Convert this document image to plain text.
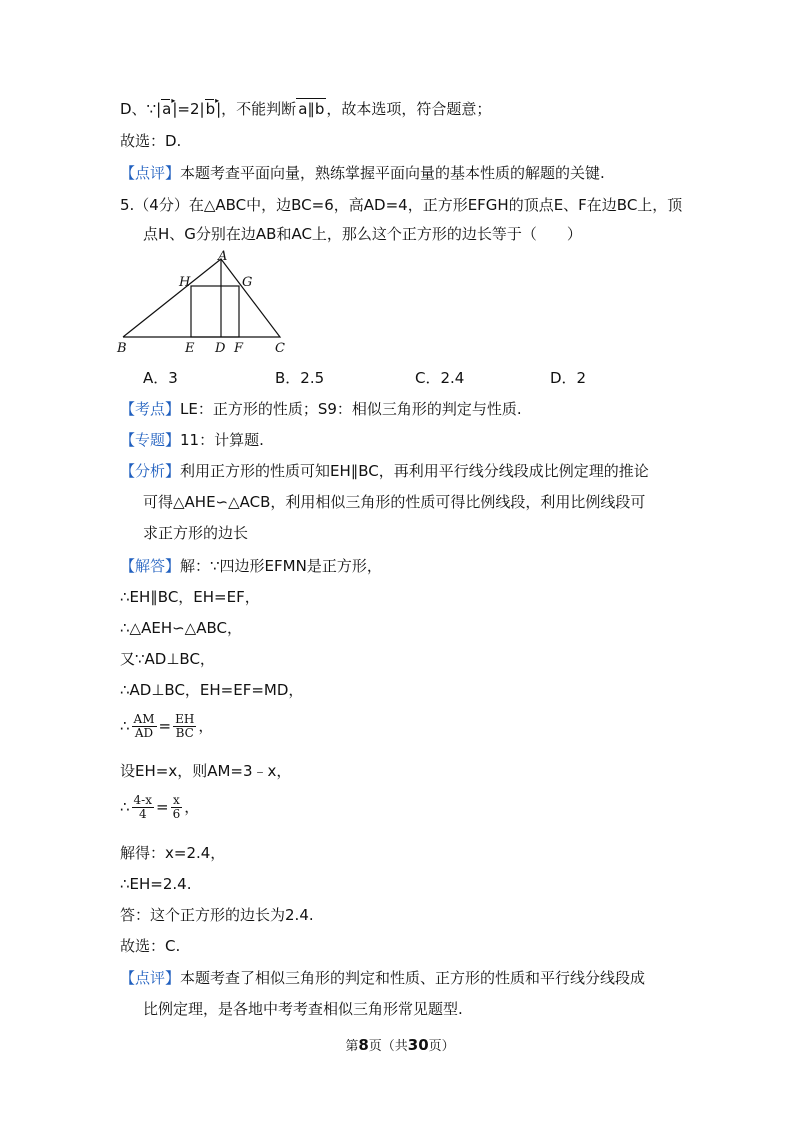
D、∵|a ▸|=2|b ▸|，不能判断 a∥b ，故本选项，符合题意；
故选：D.
【点评】本题考查平面向量，熟练掌握平面向量的基本性质的解题的关键.
5.（4分）在△ABC中，边BC=6，高AD=4，正方形EFGH的顶点E、F在边BC上，顶
点H、G分别在边AB和AC上，那么这个正方形的边长等于（　　）
A
H	G
B	E D F C
A．3	B．2.5	C．2.4	D．2
【考点】LE：正方形的性质；S9：相似三角形的判定与性质.
【专题】11：计算题.
【分析】利用正方形的性质可知EH∥BC，再利用平行线分线段成比例定理的推论
可得△AHE∽△ACB，利用相似三角形的性质可得比例线段，利用比例线段可
求正方形的边长
【解答】解：∵四边形EFMN是正方形，
∴EH∥BC，EH=EF，
∴△AEH∽△ABC，
又∵AD⊥BC，
∴AD⊥BC，EH=EF=MD，
∴ $\frac{AM}{AD} = \frac{EH}{BC}$ ，
设EH=x，则AM=3﹣x，
∴ $\frac{4-x}{4} = \frac{x}{6}$ ，
解得：x=2.4，
∴EH=2.4.
答：这个正方形的边长为2.4.
故选：C.
【点评】本题考查了相似三角形的判定和性质、正方形的性质和平行线分线段成
比例定理，是各地中考考查相似三角形常见题型.
第8页（共30页）
